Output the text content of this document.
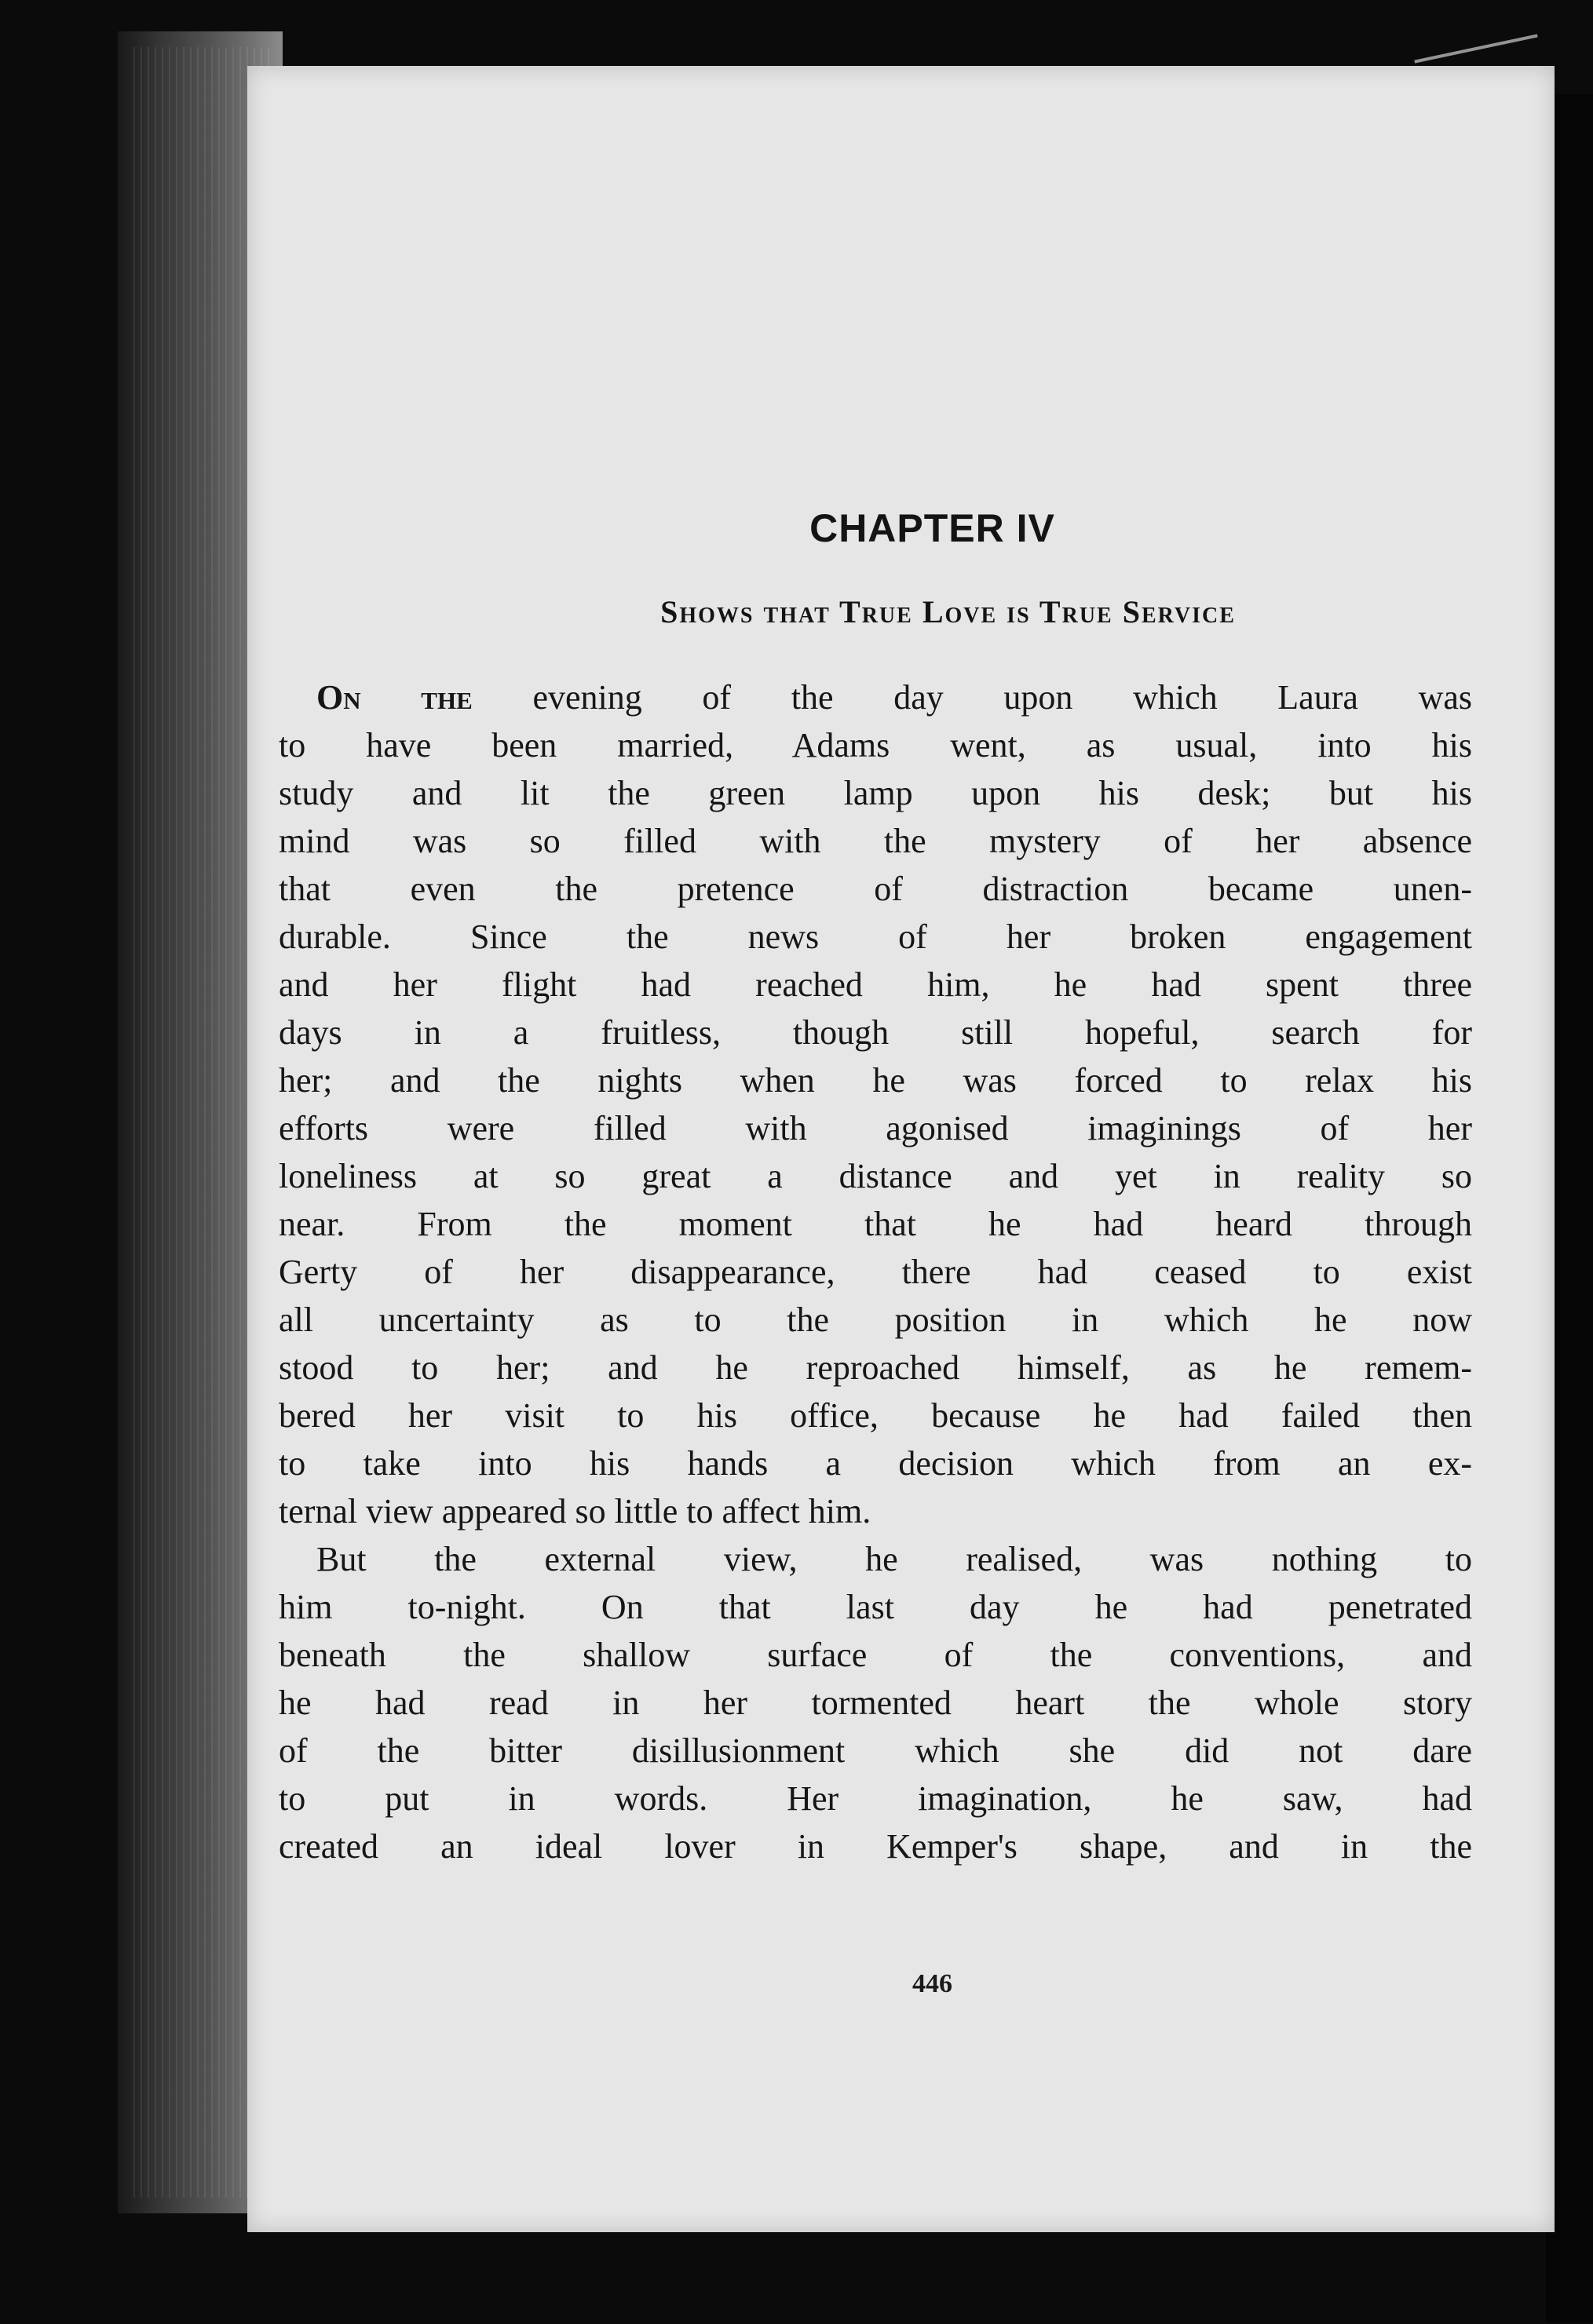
CHAPTER IV
Shows that True Love is True Service
446
On the evening of the day upon which Laura was
to have been married, Adams went, as usual, into his
study and lit the green lamp upon his desk; but his
mind was so filled with the mystery of her absence
that even the pretence of distraction became unen-
durable. Since the news of her broken engagement
and her flight had reached him, he had spent three
days in a fruitless, though still hopeful, search for
her; and the nights when he was forced to relax his
efforts were filled with agonised imaginings of her
loneliness at so great a distance and yet in reality so
near. From the moment that he had heard through
Gerty of her disappearance, there had ceased to exist
all uncertainty as to the position in which he now
stood to her; and he reproached himself, as he remem-
bered her visit to his office, because he had failed then
to take into his hands a decision which from an ex-
ternal view appeared so little to affect him.
But the external view, he realised, was nothing to
him to-night. On that last day he had penetrated
beneath the shallow surface of the conventions, and
he had read in her tormented heart the whole story
of the bitter disillusionment which she did not dare
to put in words. Her imagination, he saw, had
created an ideal lover in Kemper's shape, and in the
